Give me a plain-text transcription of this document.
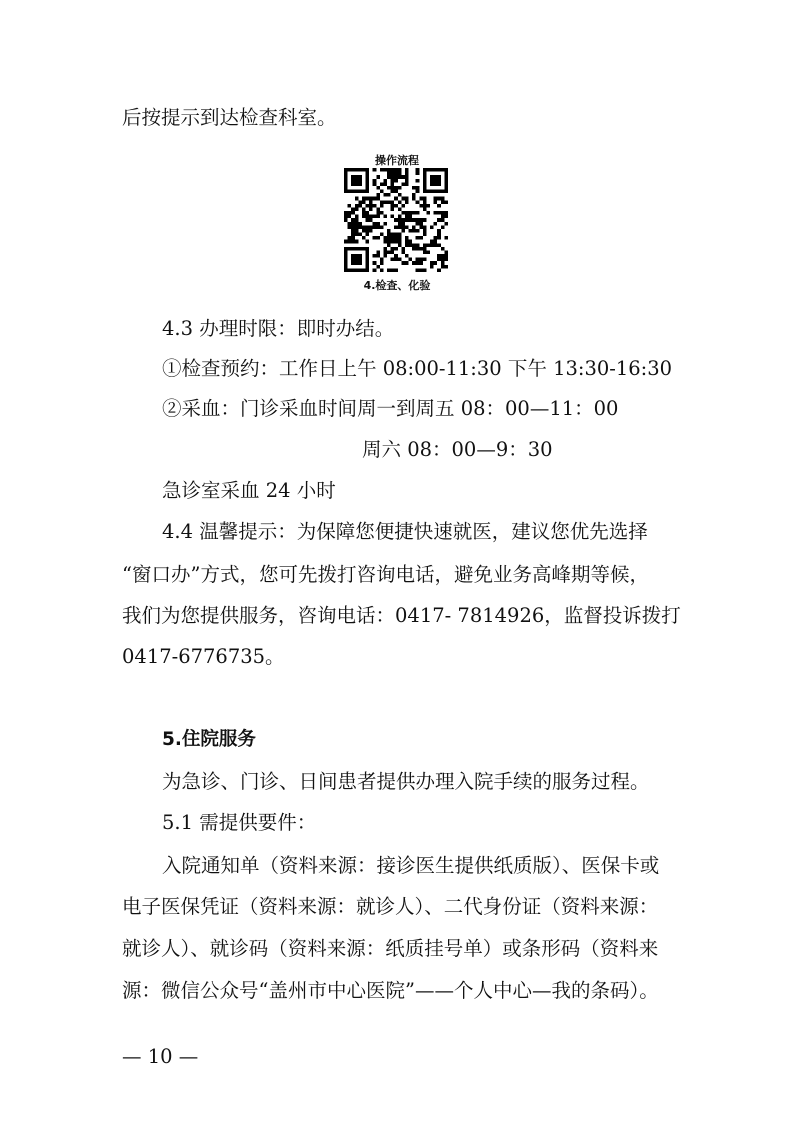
后按提示到达检查科室。
操作流程
4.检查、化验
4.3 办理时限：即时办结。
①检查预约：工作日上午 08:00-11:30 下午 13:30-16:30
②采血：门诊采血时间周一到周五 08：00—11：00
周六 08：00—9：30
急诊室采血 24 小时
4.4 温馨提示：为保障您便捷快速就医，建议您优先选择
“窗口办”方式，您可先拨打咨询电话，避免业务高峰期等候，
我们为您提供服务，咨询电话：0417- 7814926，监督投诉拨打
0417-6776735。
5.住院服务
为急诊、门诊、日间患者提供办理入院手续的服务过程。
5.1 需提供要件：
入院通知单（资料来源：接诊医生提供纸质版）、医保卡或
电子医保凭证（资料来源：就诊人）、二代身份证（资料来源：
就诊人）、就诊码（资料来源：纸质挂号单）或条形码（资料来
源：微信公众号“盖州市中心医院”——个人中心—我的条码）。
— 10 —
